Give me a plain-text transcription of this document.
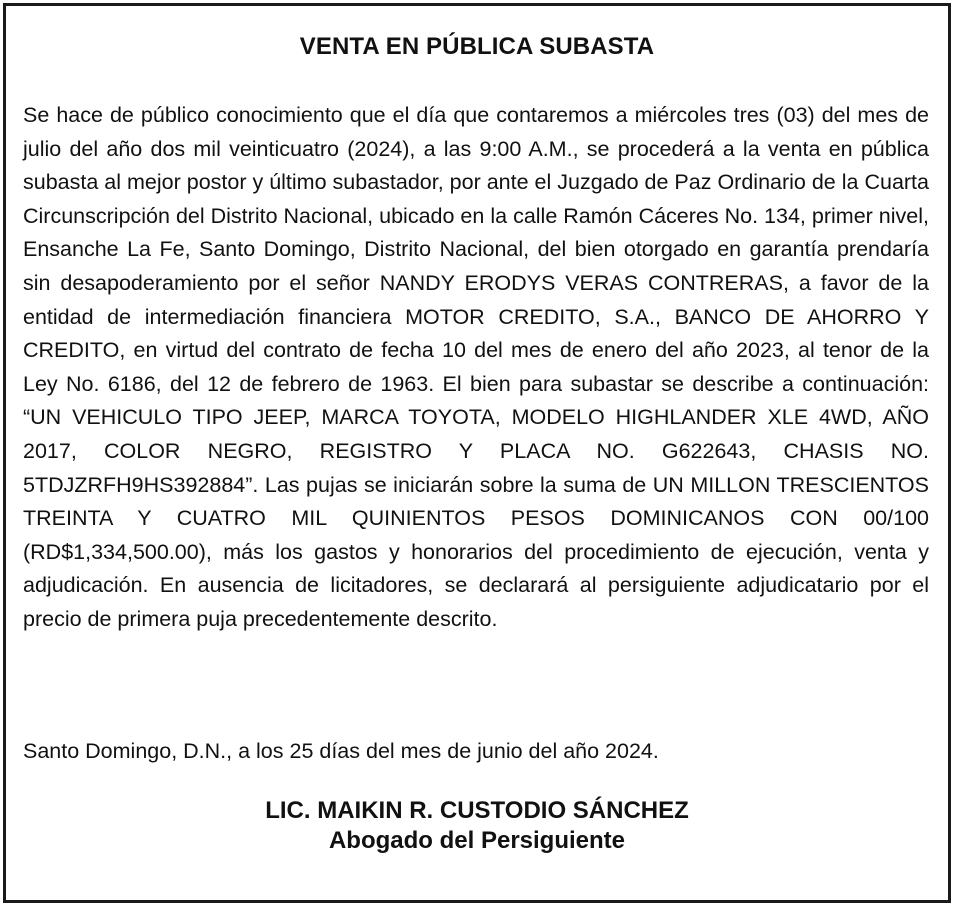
VENTA EN PÚBLICA SUBASTA

Se hace de público conocimiento que el día que contaremos a miércoles tres (03) del mes de julio del año dos mil veinticuatro (2024), a las 9:00 A.M., se procederá a la venta en pública subasta al mejor postor y último subastador, por ante el Juzgado de Paz Ordinario de la Cuarta Circunscripción del Distrito Nacional, ubicado en la calle Ramón Cáceres No. 134, primer nivel, Ensanche La Fe, Santo Domingo, Distrito Nacional, del bien otorgado en garantía prendaría sin desapoderamiento por el señor NANDY ERODYS VERAS CONTRERAS, a favor de la entidad de intermediación financiera MOTOR CREDITO, S.A., BANCO DE AHORRO Y CREDITO, en virtud del contrato de fecha 10 del mes de enero del año 2023, al tenor de la Ley No. 6186, del 12 de febrero de 1963. El bien para subastar se describe a continuación: “UN VEHICULO TIPO JEEP, MARCA TOYOTA, MODELO HIGHLANDER XLE 4WD, AÑO 2017, COLOR NEGRO, REGISTRO Y PLACA NO. G622643, CHASIS NO. 5TDJZRFH9HS392884”. Las pujas se iniciarán sobre la suma de UN MILLON TRESCIENTOS TREINTA Y CUATRO MIL QUINIENTOS PESOS DOMINICANOS CON 00/100 (RD$1,334,500.00), más los gastos y honorarios del procedimiento de ejecución, venta y adjudicación. En ausencia de licitadores, se declarará al persiguiente adjudicatario por el precio de primera puja precedentemente descrito.

Santo Domingo, D.N., a los 25 días del mes de junio del año 2024.

LIC. MAIKIN R. CUSTODIO SÁNCHEZ
Abogado del Persiguiente
